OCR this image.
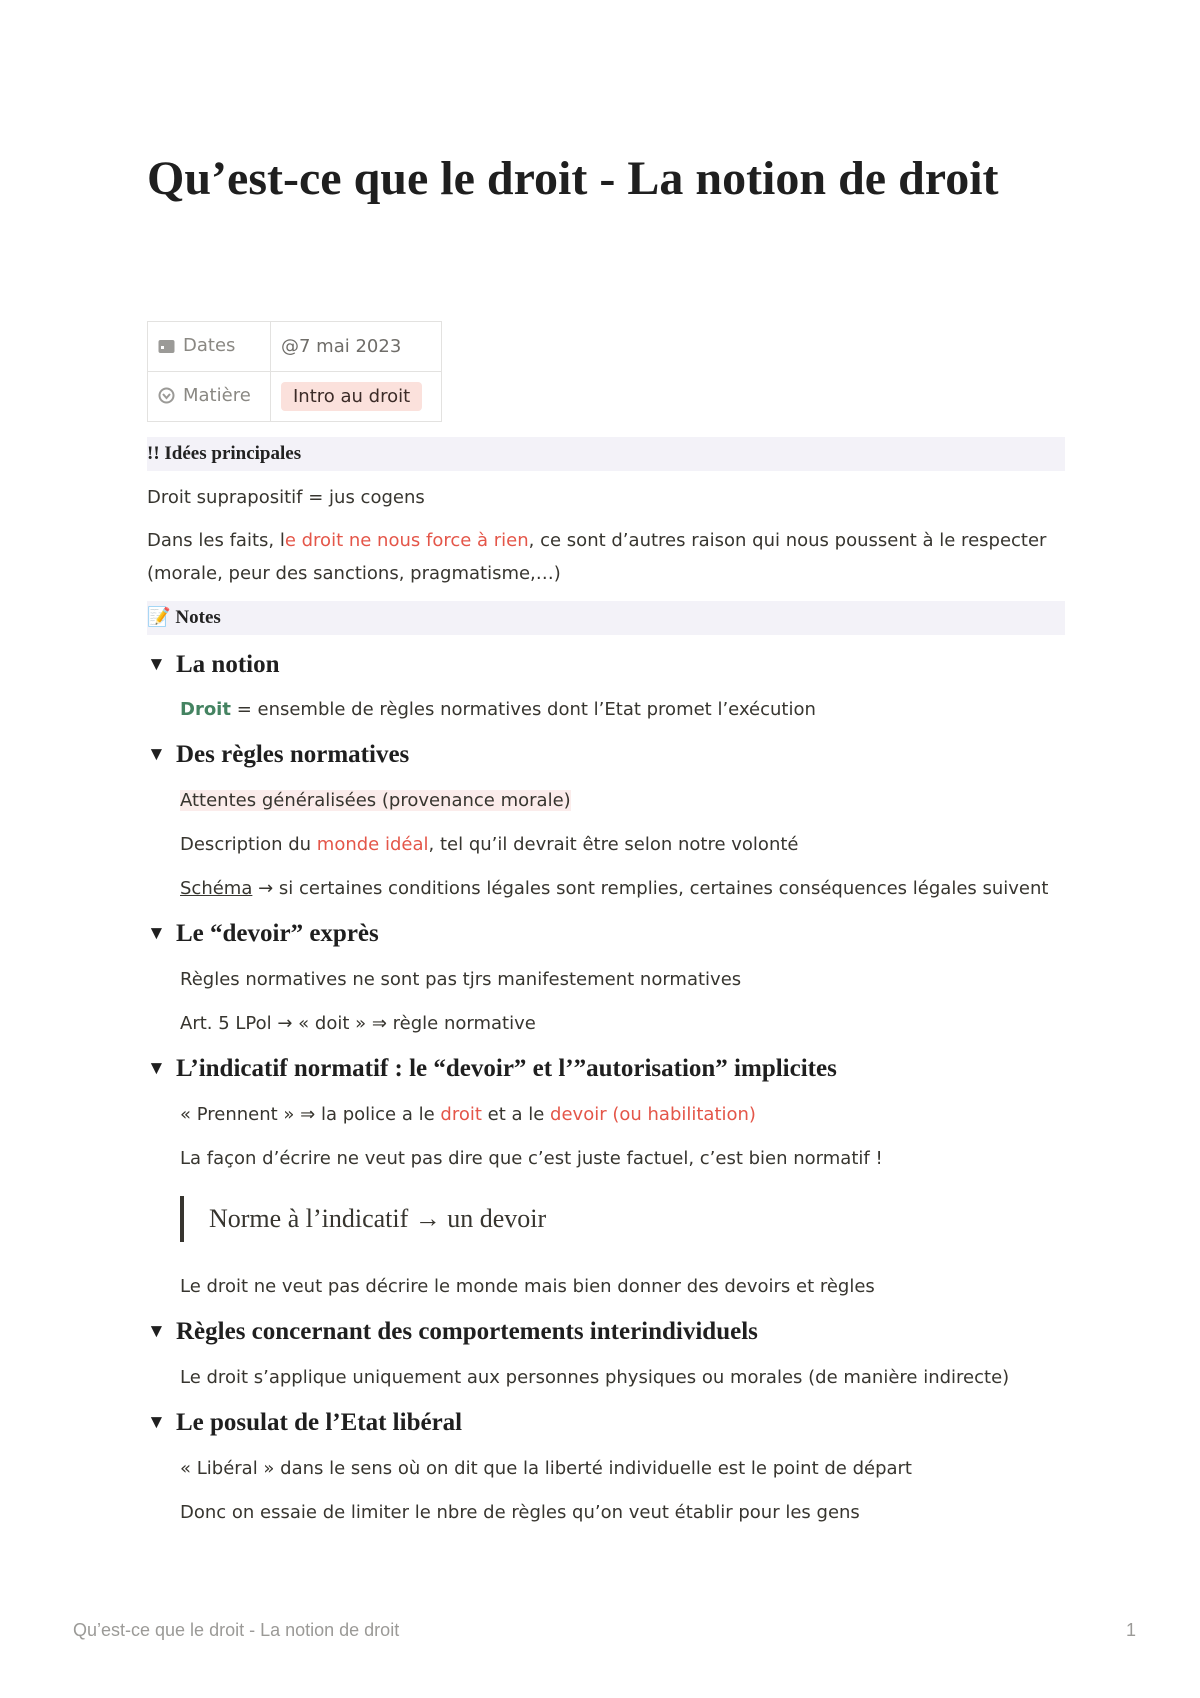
Qu’est-ce que le droit - La notion de droit
Dates	@7 mai 2023
Matière	Intro au droit
!! Idées principales
Droit suprapositif = jus cogens
Dans les faits, le droit ne nous force à rien, ce sont d’autres raison qui nous poussent à le respecter
(morale, peur des sanctions, pragmatisme,…)
📝 Notes
▼ La notion
Droit = ensemble de règles normatives dont l’Etat promet l’exécution
▼ Des règles normatives
Attentes généralisées (provenance morale)
Description du monde idéal, tel qu’il devrait être selon notre volonté
Schéma → si certaines conditions légales sont remplies, certaines conséquences légales suivent
▼ Le “devoir” exprès
Règles normatives ne sont pas tjrs manifestement normatives
Art. 5 LPol → « doit » ⇒ règle normative
▼ L’indicatif normatif : le “devoir” et l’”autorisation” implicites
« Prennent » ⇒ la police a le droit et a le devoir (ou habilitation)
La façon d’écrire ne veut pas dire que c’est juste factuel, c’est bien normatif !
Norme à l’indicatif → un devoir
Le droit ne veut pas décrire le monde mais bien donner des devoirs et règles
▼ Règles concernant des comportements interindividuels
Le droit s’applique uniquement aux personnes physiques ou morales (de manière indirecte)
▼ Le posulat de l’Etat libéral
« Libéral » dans le sens où on dit que la liberté individuelle est le point de départ
Donc on essaie de limiter le nbre de règles qu’on veut établir pour les gens
Qu’est-ce que le droit - La notion de droit	1
